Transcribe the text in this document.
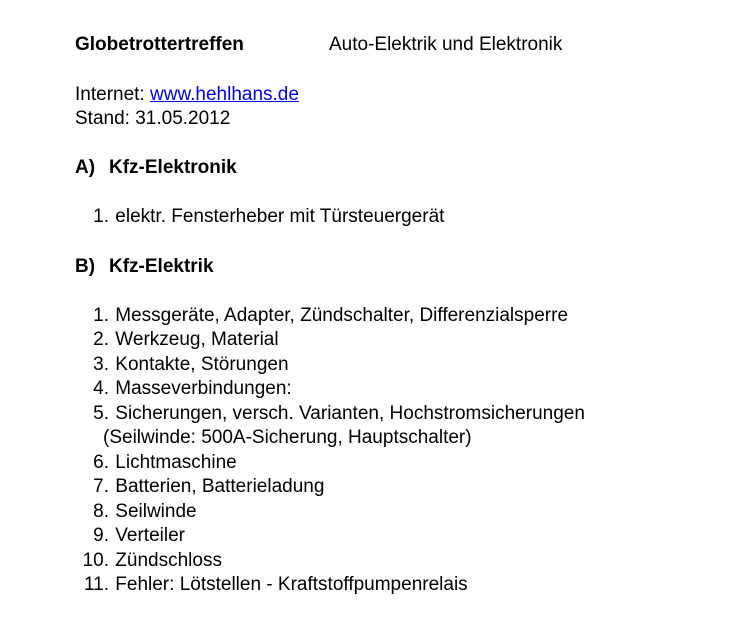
Globetrottertreffen	Auto-Elektrik und Elektronik
Internet: www.hehlhans.de
Stand: 31.05.2012
A) Kfz-Elektronik
1. elektr. Fensterheber mit Türsteuergerät
B) Kfz-Elektrik
1. Messgeräte, Adapter, Zündschalter, Differenzialsperre
2. Werkzeug, Material
3. Kontakte, Störungen
4. Masseverbindungen:
5. Sicherungen, versch. Varianten, Hochstromsicherungen
(Seilwinde: 500A-Sicherung, Hauptschalter)
6. Lichtmaschine
7. Batterien, Batterieladung
8. Seilwinde
9. Verteiler
10. Zündschloss
11. Fehler: Lötstellen - Kraftstoffpumpenrelais
